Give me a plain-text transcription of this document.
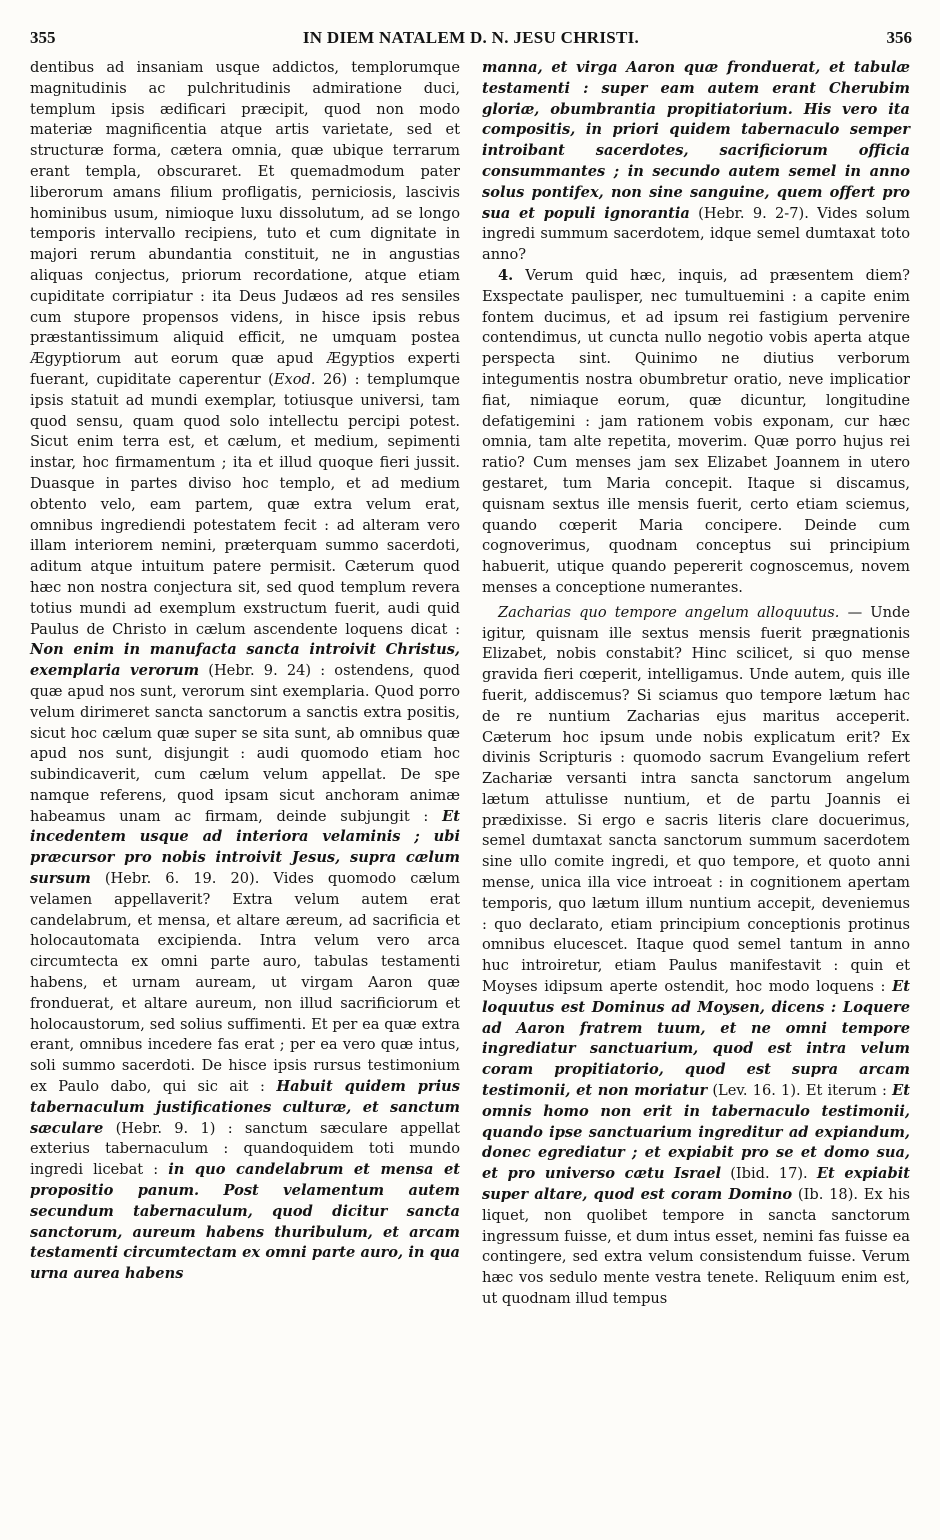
355	IN DIEM NATALEM D. N. JESU CHRISTI.	356

dentibus ad insaniam usque addictos, templorumque magnitudinis ac pulchritudinis admiratione duci, templum ipsis ædificari præcipit, quod non modo materiæ magnificentia atque artis varietate, sed et structuræ forma, cætera omnia, quæ ubique terrarum erant templa, obscuraret. Et quemadmodum pater liberorum amans filium profligatis, perniciosis, lascivis hominibus usum, nimioque luxu dissolutum, ad se longo temporis intervallo recipiens, tuto et cum dignitate in majori rerum abundantia constituit, ne in angustias aliquas conjectus, priorum recordatione, atque etiam cupiditate corripiatur : ita Deus Judæos ad res sensiles cum stupore propensos videns, in hisce ipsis rebus præstantissimum aliquid efficit, ne umquam postea Ægyptiorum aut eorum quæ apud Ægyptios experti fuerant, cupiditate caperentur (Exod. 26) : templumque ipsis statuit ad mundi exemplar, totiusque universi, tam quod sensu, quam quod solo intellectu percipi potest. Sicut enim terra est, et cælum, et medium, sepimenti instar, hoc firmamentum ; ita et illud quoque fieri jussit. Duasque in partes diviso hoc templo, et ad medium obtento velo, eam partem, quæ extra velum erat, omnibus ingrediendi potestatem fecit : ad alteram vero illam interiorem nemini, præterquam summo sacerdoti, aditum atque intuitum patere permisit. Cæterum quod hæc non nostra conjectura sit, sed quod templum revera totius mundi ad exemplum exstructum fuerit, audi quid Paulus de Christo in cælum ascendente loquens dicat : Non enim in manufacta sancta introivit Christus, exemplaria verorum (Hebr. 9. 24) : ostendens, quod quæ apud nos sunt, verorum sint exemplaria. Quod porro velum dirimeret sancta sanctorum a sanctis extra positis, sicut hoc cælum quæ super se sita sunt, ab omnibus quæ apud nos sunt, disjungit : audi quomodo etiam hoc subindicaverit, cum cælum velum appellat. De spe namque referens, quod ipsam sicut anchoram animæ habeamus unam ac firmam, deinde subjungit : Et incedentem usque ad interiora velaminis ; ubi præcursor pro nobis introivit Jesus, supra cælum sursum (Hebr. 6. 19. 20). Vides quomodo cælum velamen appellaverit? Extra velum autem erat candelabrum, et mensa, et altare æreum, ad sacrificia et holocautomata excipienda. Intra velum vero arca circumtecta ex omni parte auro, tabulas testamenti habens, et urnam auream, ut virgam Aaron quæ fronduerat, et altare aureum, non illud sacrificiorum et holocaustorum, sed solius suffimenti. Et per ea quæ extra erant, omnibus incedere fas erat ; per ea vero quæ intus, soli summo sacerdoti. De hisce ipsis rursus testimonium ex Paulo dabo, qui sic ait : Habuit quidem prius tabernaculum justificationes culturæ, et sanctum sæculare (Hebr. 9. 1) : sanctum sæculare appellat exterius tabernaculum : quandoquidem toti mundo ingredi licebat : in quo candelabrum et mensa et propositio panum. Post velamentum autem secundum tabernaculum, quod dicitur sancta sanctorum, aureum habens thuribulum, et arcam testamenti circumtectam ex omni parte auro, in qua urna aurea habens

manna, et virga Aaron quæ fronduerat, et tabulæ testamenti : super eam autem erant Cherubim gloriæ, obumbrantia propitiatorium. His vero ita compositis, in priori quidem tabernaculo semper introibant sacerdotes, sacrificiorum officia consummantes ; in secundo autem semel in anno solus pontifex, non sine sanguine, quem offert pro sua et populi ignorantia (Hebr. 9. 2-7). Vides solum ingredi summum sacerdotem, idque semel dumtaxat toto anno?

4. Verum quid hæc, inquis, ad præsentem diem? Exspectate paulisper, nec tumultuemini : a capite enim fontem ducimus, et ad ipsum rei fastigium pervenire contendimus, ut cuncta nullo negotio vobis aperta atque perspecta sint. Quinimo ne diutius verborum integumentis nostra obumbretur oratio, neve implicatior fiat, nimiaque eorum, quæ dicuntur, longitudine defatigemini : jam rationem vobis exponam, cur hæc omnia, tam alte repetita, moverim. Quæ porro hujus rei ratio? Cum menses jam sex Elizabet Joannem in utero gestaret, tum Maria concepit. Itaque si discamus, quisnam sextus ille mensis fuerit, certo etiam sciemus, quando cœperit Maria concipere. Deinde cum cognoverimus, quodnam conceptus sui principium habuerit, utique quando pepererit cognoscemus, novem menses a conceptione numerantes.

Zacharias quo tempore angelum alloquutus. — Unde igitur, quisnam ille sextus mensis fuerit prægnationis Elizabet, nobis constabit? Hinc scilicet, si quo mense gravida fieri cœperit, intelligamus. Unde autem, quis ille fuerit, addiscemus? Si sciamus quo tempore lætum hac de re nuntium Zacharias ejus maritus acceperit. Cæterum hoc ipsum unde nobis explicatum erit? Ex divinis Scripturis : quomodo sacrum Evangelium refert Zachariæ versanti intra sancta sanctorum angelum lætum attulisse nuntium, et de partu Joannis ei prædixisse. Si ergo e sacris literis clare docuerimus, semel dumtaxat sancta sanctorum summum sacerdotem sine ullo comite ingredi, et quo tempore, et quoto anni mense, unica illa vice introeat : in cognitionem apertam temporis, quo lætum illum nuntium accepit, deveniemus : quo declarato, etiam principium conceptionis protinus omnibus elucescet. Itaque quod semel tantum in anno huc introiretur, etiam Paulus manifestavit : quin et Moyses idipsum aperte ostendit, hoc modo loquens : Et loquutus est Dominus ad Moysen, dicens : Loquere ad Aaron fratrem tuum, et ne omni tempore ingrediatur sanctuarium, quod est intra velum coram propitiatorio, quod est supra arcam testimonii, et non moriatur (Lev. 16. 1). Et iterum : Et omnis homo non erit in tabernaculo testimonii, quando ipse sanctuarium ingreditur ad expiandum, donec egrediatur ; et expiabit pro se et domo sua, et pro universo cætu Israel (Ibid. 17). Et expiabit super altare, quod est coram Domino (Ib. 18). Ex his liquet, non quolibet tempore in sancta sanctorum ingressum fuisse, et dum intus esset, nemini fas fuisse ea contingere, sed extra velum consistendum fuisse. Verum hæc vos sedulo mente vestra tenete. Reliquum enim est, ut quodnam illud tempus
